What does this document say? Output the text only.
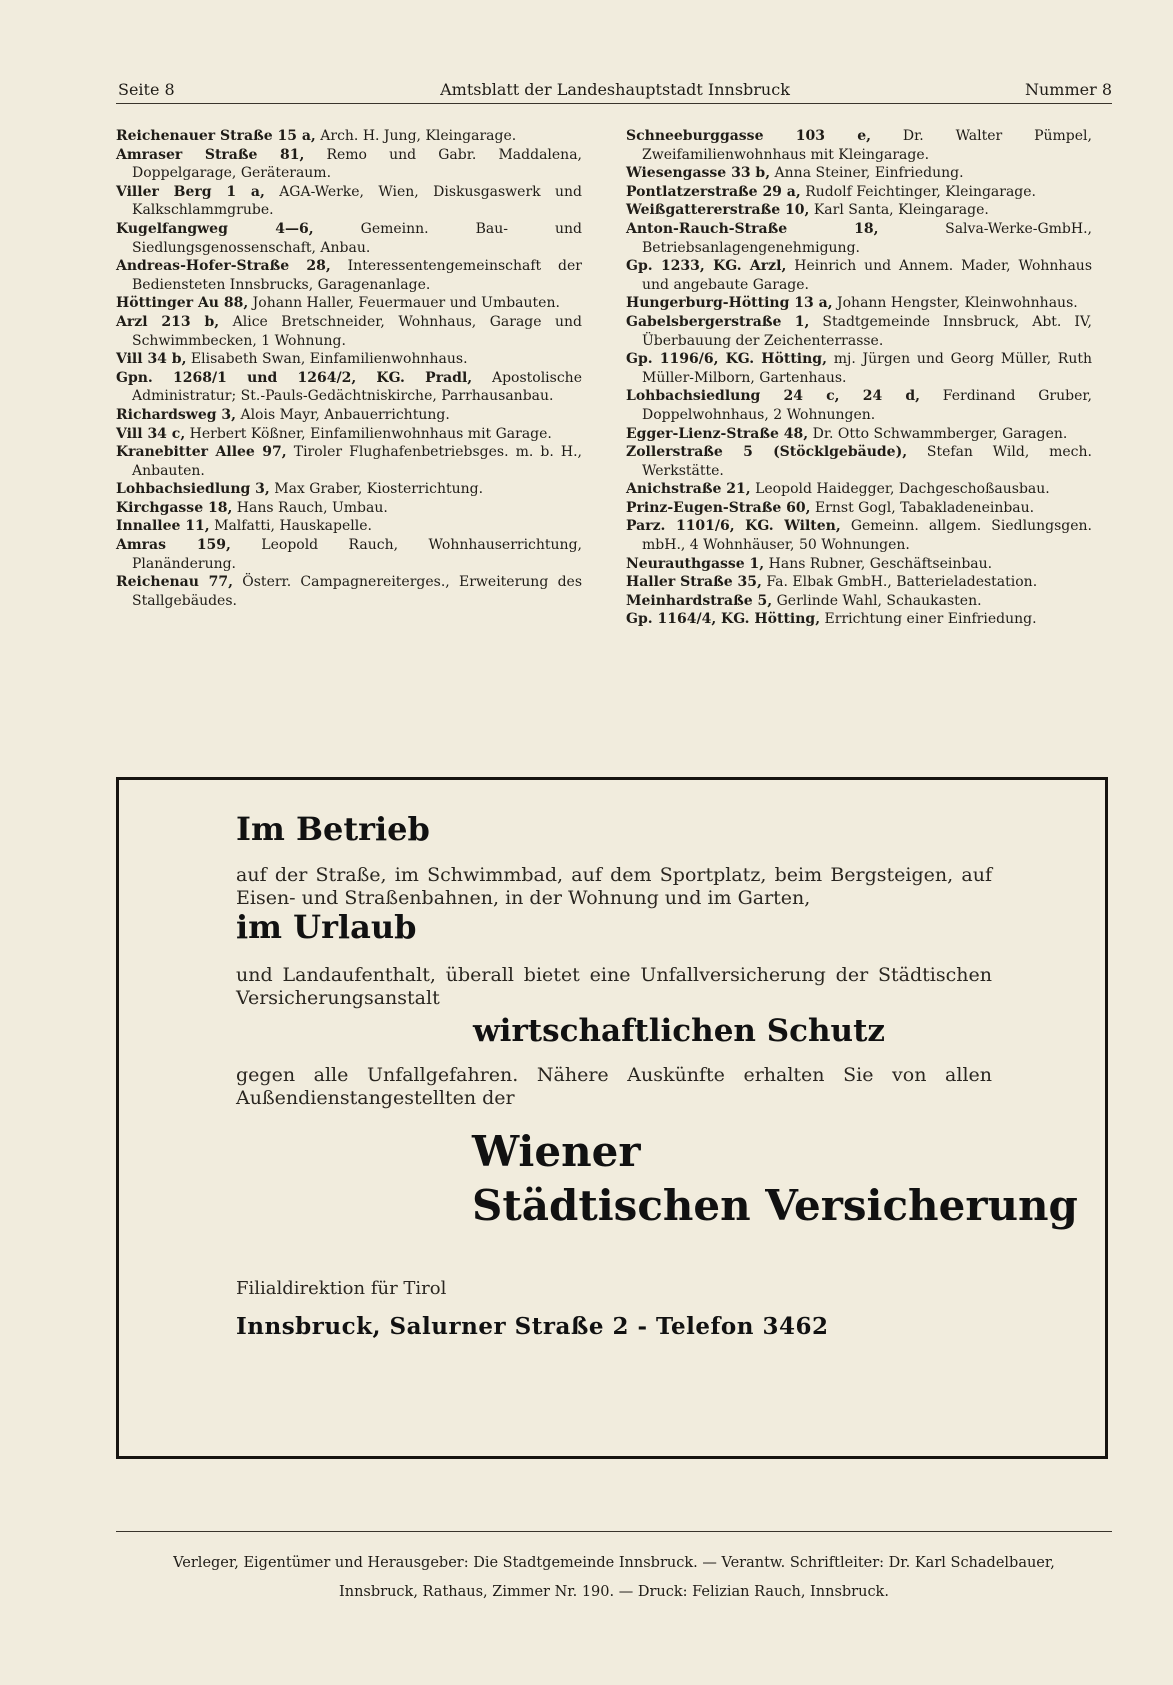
Seite 8	Amtsblatt der Landeshauptstadt Innsbruck	Nummer 8
Reichenauer Straße 15 a, Arch. H. Jung, Kleingarage.
Amraser Straße 81, Remo und Gabr. Maddalena, Doppelgarage, Geräteraum.
Viller Berg 1 a, AGA-Werke, Wien, Diskusgaswerk und Kalkschlammgrube.
Kugelfangweg 4—6, Gemeinn. Bau- und Siedlungsgenossenschaft, Anbau.
Andreas-Hofer-Straße 28, Interessentengemeinschaft der Bediensteten Innsbrucks, Garagenanlage.
Höttinger Au 88, Johann Haller, Feuermauer und Umbauten.
Arzl 213 b, Alice Bretschneider, Wohnhaus, Garage und Schwimmbecken, 1 Wohnung.
Vill 34 b, Elisabeth Swan, Einfamilienwohnhaus.
Gpn. 1268/1 und 1264/2, KG. Pradl, Apostolische Administratur; St.-Pauls-Gedächtniskirche, Parrhausanbau.
Richardsweg 3, Alois Mayr, Anbauerrichtung.
Vill 34 c, Herbert Kößner, Einfamilienwohnhaus mit Garage.
Kranebitter Allee 97, Tiroler Flughafenbetriebsges. m. b. H., Anbauten.
Lohbachsiedlung 3, Max Graber, Kiosterrichtung.
Kirchgasse 18, Hans Rauch, Umbau.
Innallee 11, Malfatti, Hauskapelle.
Amras 159, Leopold Rauch, Wohnhauserrichtung, Planänderung.
Reichenau 77, Österr. Campagnereiterges., Erweiterung des Stallgebäudes.
Schneeburggasse 103 e, Dr. Walter Pümpel, Zweifamilienwohnhaus mit Kleingarage.
Wiesengasse 33 b, Anna Steiner, Einfriedung.
Pontlatzerstraße 29 a, Rudolf Feichtinger, Kleingarage.
Weißgattererstraße 10, Karl Santa, Kleingarage.
Anton-Rauch-Straße 18, Salva-Werke-GmbH., Betriebsanlagengenehmigung.
Gp. 1233, KG. Arzl, Heinrich und Annem. Mader, Wohnhaus und angebaute Garage.
Hungerburg-Hötting 13 a, Johann Hengster, Kleinwohnhaus.
Gabelsbergerstraße 1, Stadtgemeinde Innsbruck, Abt. IV, Überbauung der Zeichenterrasse.
Gp. 1196/6, KG. Hötting, mj. Jürgen und Georg Müller, Ruth Müller-Milborn, Gartenhaus.
Lohbachsiedlung 24 c, 24 d, Ferdinand Gruber, Doppelwohnhaus, 2 Wohnungen.
Egger-Lienz-Straße 48, Dr. Otto Schwammberger, Garagen.
Zollerstraße 5 (Stöcklgebäude), Stefan Wild, mech. Werkstätte.
Anichstraße 21, Leopold Haidegger, Dachgeschoßausbau.
Prinz-Eugen-Straße 60, Ernst Gogl, Tabakladeneinbau.
Parz. 1101/6, KG. Wilten, Gemeinn. allgem. Siedlungsgen. mbH., 4 Wohnhäuser, 50 Wohnungen.
Neurauthgasse 1, Hans Rubner, Geschäftseinbau.
Haller Straße 35, Fa. Elbak GmbH., Batterieladestation.
Meinhardstraße 5, Gerlinde Wahl, Schaukasten.
Gp. 1164/4, KG. Hötting, Errichtung einer Einfriedung.
Im Betrieb
auf der Straße, im Schwimmbad, auf dem Sportplatz, beim Bergsteigen, auf Eisen- und Straßenbahnen, in der Wohnung und im Garten,
im Urlaub
und Landaufenthalt, überall bietet eine Unfallversicherung der Städtischen Versicherungsanstalt
wirtschaftlichen Schutz
gegen alle Unfallgefahren. Nähere Auskünfte erhalten Sie von allen Außendienstangestellten der
Wiener
Städtischen Versicherung
Filialdirektion für Tirol
Innsbruck, Salurner Straße 2 - Telefon 3462
Verleger, Eigentümer und Herausgeber: Die Stadtgemeinde Innsbruck. — Verantw. Schriftleiter: Dr. Karl Schadelbauer,
Innsbruck, Rathaus, Zimmer Nr. 190. — Druck: Felizian Rauch, Innsbruck.
